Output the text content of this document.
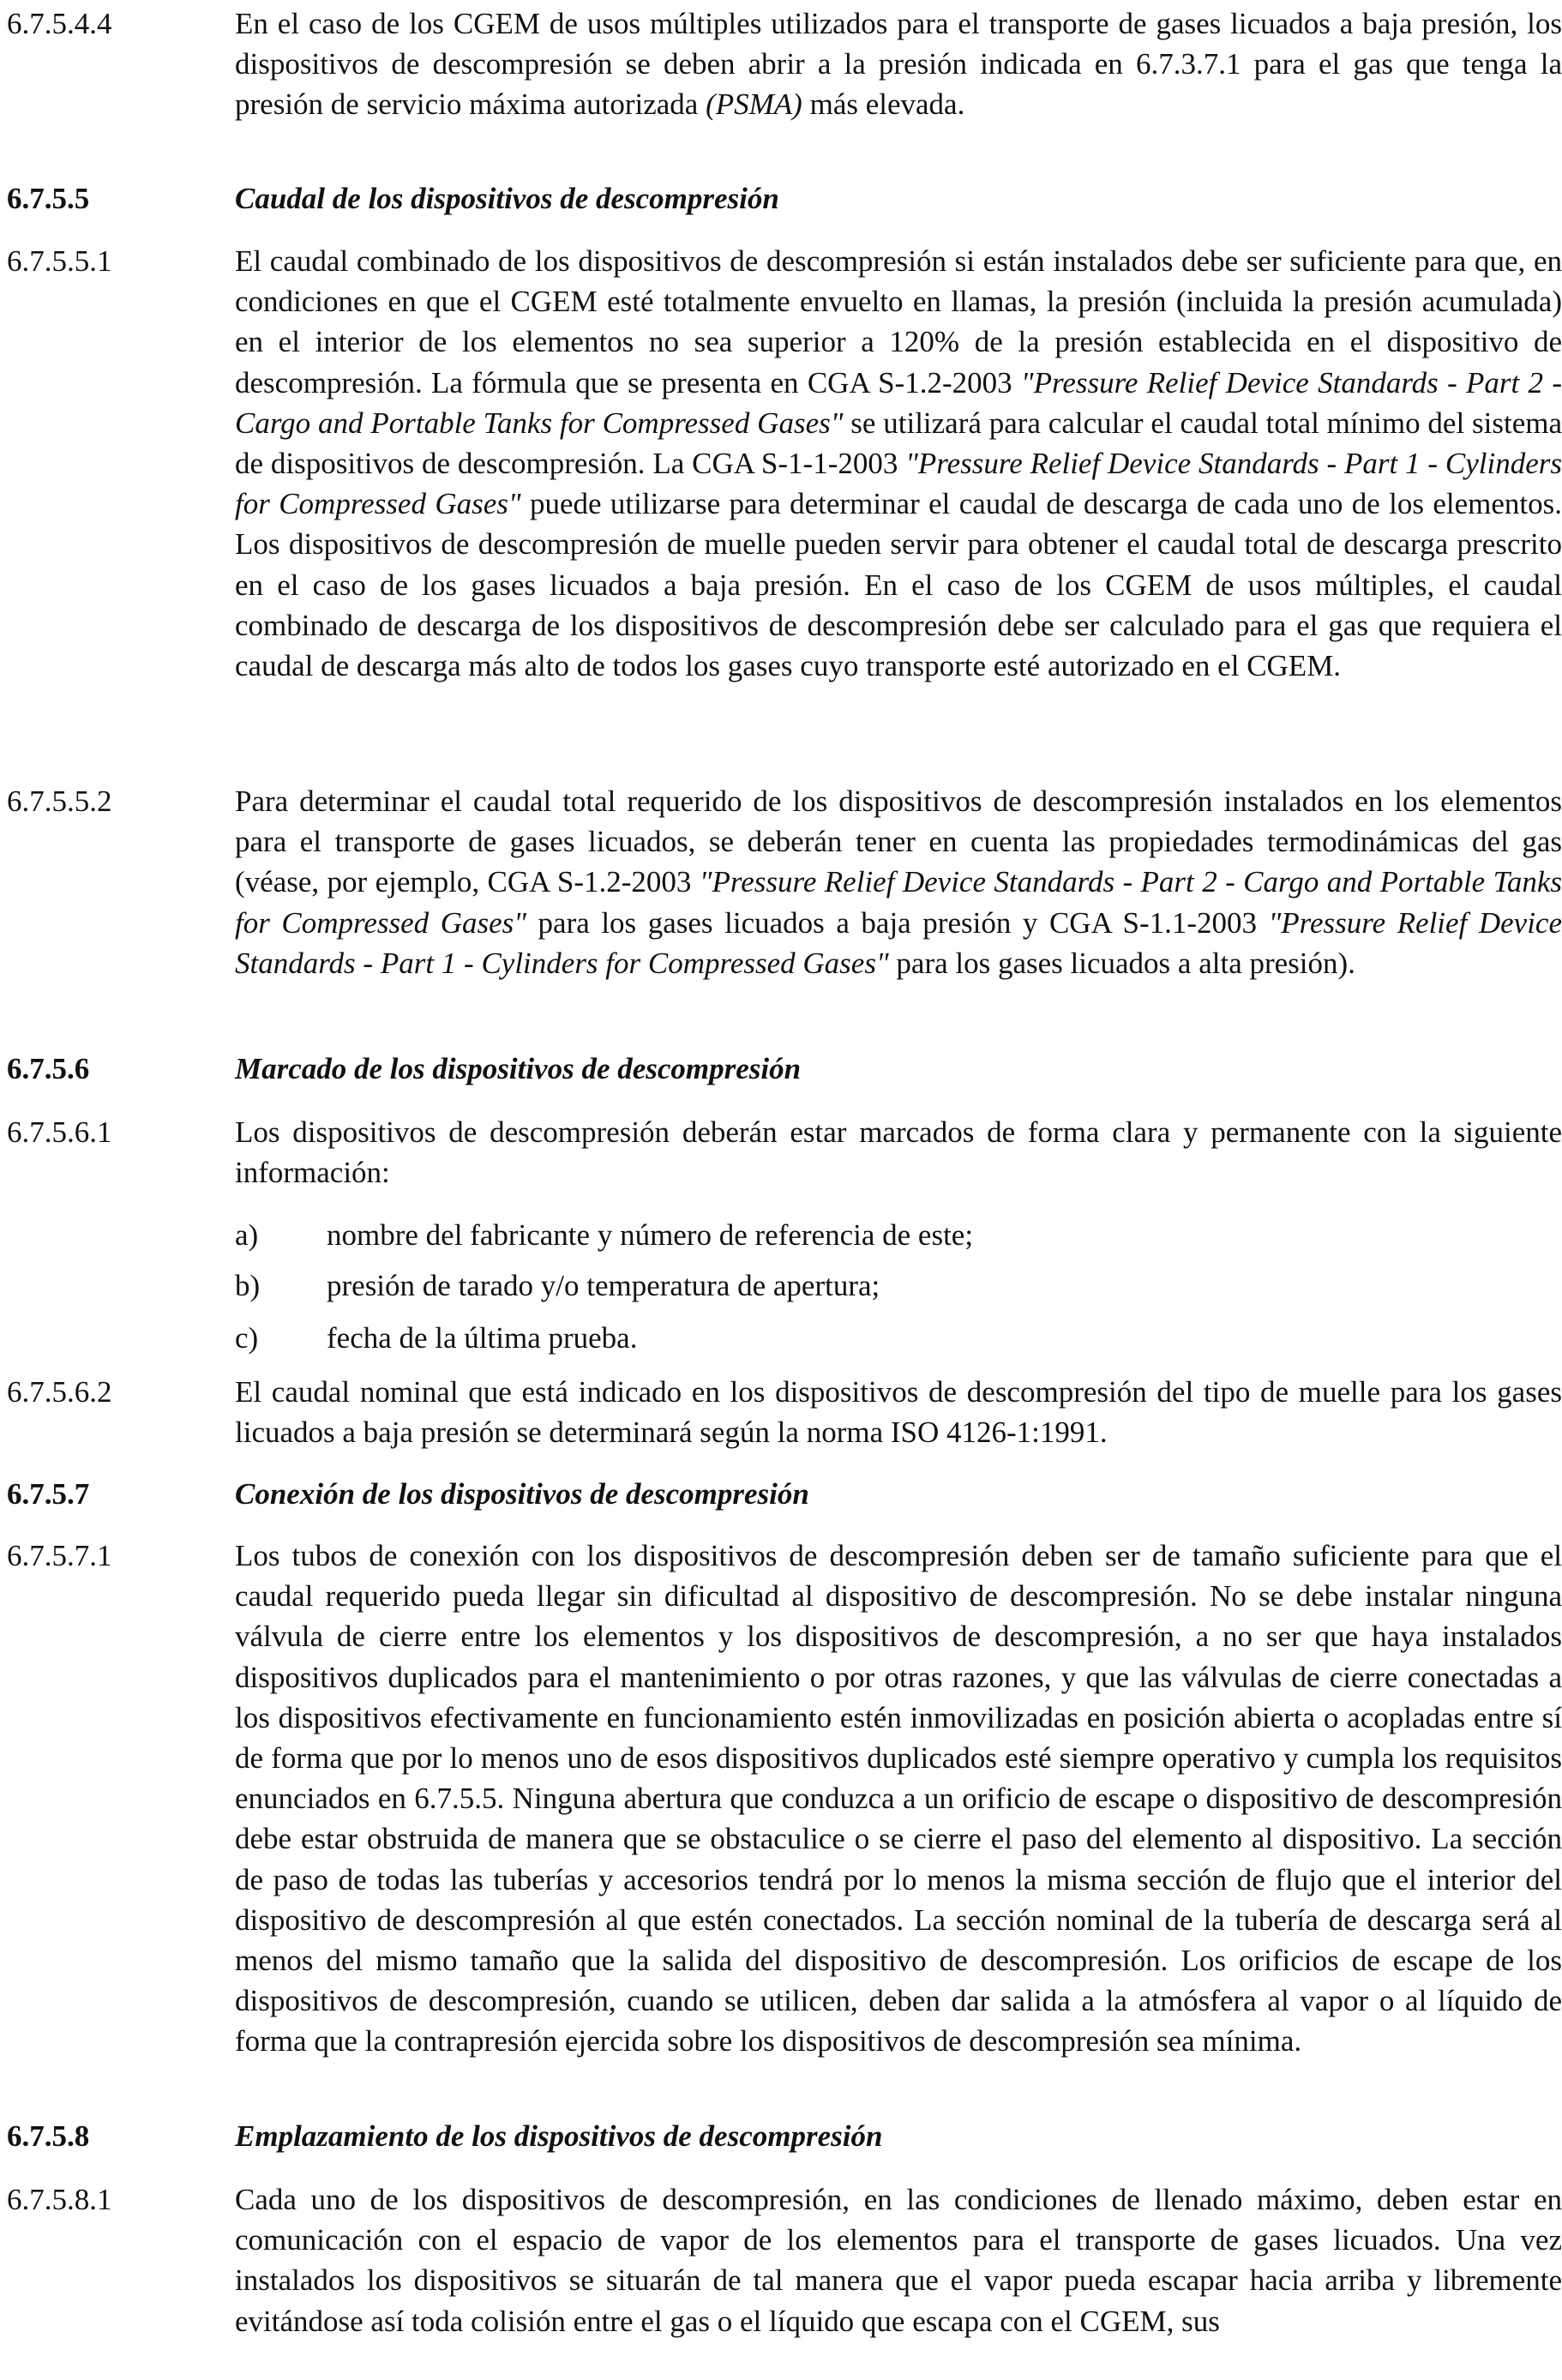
6.7.5.4.4	En el caso de los CGEM de usos múltiples utilizados para el transporte de gases licuados a baja presión, los dispositivos de descompresión se deben abrir a la presión indicada en 6.7.3.7.1 para el gas que tenga la presión de servicio máxima autorizada (PSMA) más elevada.
6.7.5.5	Caudal de los dispositivos de descompresión
6.7.5.5.1	El caudal combinado de los dispositivos de descompresión si están instalados debe ser suficiente para que, en condiciones en que el CGEM esté totalmente envuelto en llamas, la presión (incluida la presión acumulada) en el interior de los elementos no sea superior a 120% de la presión establecida en el dispositivo de descompresión. La fórmula que se presenta en CGA S-1.2-2003 "Pressure Relief Device Standards - Part 2 - Cargo and Portable Tanks for Compressed Gases" se utilizará para calcular el caudal total mínimo del sistema de dispositivos de descompresión. La CGA S-1-1-2003 "Pressure Relief Device Standards - Part 1 - Cylinders for Compressed Gases" puede utilizarse para determinar el caudal de descarga de cada uno de los elementos. Los dispositivos de descompresión de muelle pueden servir para obtener el caudal total de descarga prescrito en el caso de los gases licuados a baja presión. En el caso de los CGEM de usos múltiples, el caudal combinado de descarga de los dispositivos de descompresión debe ser calculado para el gas que requiera el caudal de descarga más alto de todos los gases cuyo transporte esté autorizado en el CGEM.
6.7.5.5.2	Para determinar el caudal total requerido de los dispositivos de descompresión instalados en los elementos para el transporte de gases licuados, se deberán tener en cuenta las propiedades termodinámicas del gas (véase, por ejemplo, CGA S-1.2-2003 "Pressure Relief Device Standards - Part 2 - Cargo and Portable Tanks for Compressed Gases" para los gases licuados a baja presión y CGA S-1.1-2003 "Pressure Relief Device Standards - Part 1 - Cylinders for Compressed Gases" para los gases licuados a alta presión).
6.7.5.6	Marcado de los dispositivos de descompresión
6.7.5.6.1	Los dispositivos de descompresión deberán estar marcados de forma clara y permanente con la siguiente información:
a) nombre del fabricante y número de referencia de este;
b) presión de tarado y/o temperatura de apertura;
c) fecha de la última prueba.
6.7.5.6.2	El caudal nominal que está indicado en los dispositivos de descompresión del tipo de muelle para los gases licuados a baja presión se determinará según la norma ISO 4126-1:1991.
6.7.5.7	Conexión de los dispositivos de descompresión
6.7.5.7.1	Los tubos de conexión con los dispositivos de descompresión deben ser de tamaño suficiente para que el caudal requerido pueda llegar sin dificultad al dispositivo de descompresión. No se debe instalar ninguna válvula de cierre entre los elementos y los dispositivos de descompresión, a no ser que haya instalados dispositivos duplicados para el mantenimiento o por otras razones, y que las válvulas de cierre conectadas a los dispositivos efectivamente en funcionamiento estén inmovilizadas en posición abierta o acopladas entre sí de forma que por lo menos uno de esos dispositivos duplicados esté siempre operativo y cumpla los requisitos enunciados en 6.7.5.5. Ninguna abertura que conduzca a un orificio de escape o dispositivo de descompresión debe estar obstruida de manera que se obstaculice o se cierre el paso del elemento al dispositivo. La sección de paso de todas las tuberías y accesorios tendrá por lo menos la misma sección de flujo que el interior del dispositivo de descompresión al que estén conectados. La sección nominal de la tubería de descarga será al menos del mismo tamaño que la salida del dispositivo de descompresión. Los orificios de escape de los dispositivos de descompresión, cuando se utilicen, deben dar salida a la atmósfera al vapor o al líquido de forma que la contrapresión ejercida sobre los dispositivos de descompresión sea mínima.
6.7.5.8	Emplazamiento de los dispositivos de descompresión
6.7.5.8.1	Cada uno de los dispositivos de descompresión, en las condiciones de llenado máximo, deben estar en comunicación con el espacio de vapor de los elementos para el transporte de gases licuados. Una vez instalados los dispositivos se situarán de tal manera que el vapor pueda escapar hacia arriba y libremente evitándose así toda colisión entre el gas o el líquido que escapa con el CGEM, sus
